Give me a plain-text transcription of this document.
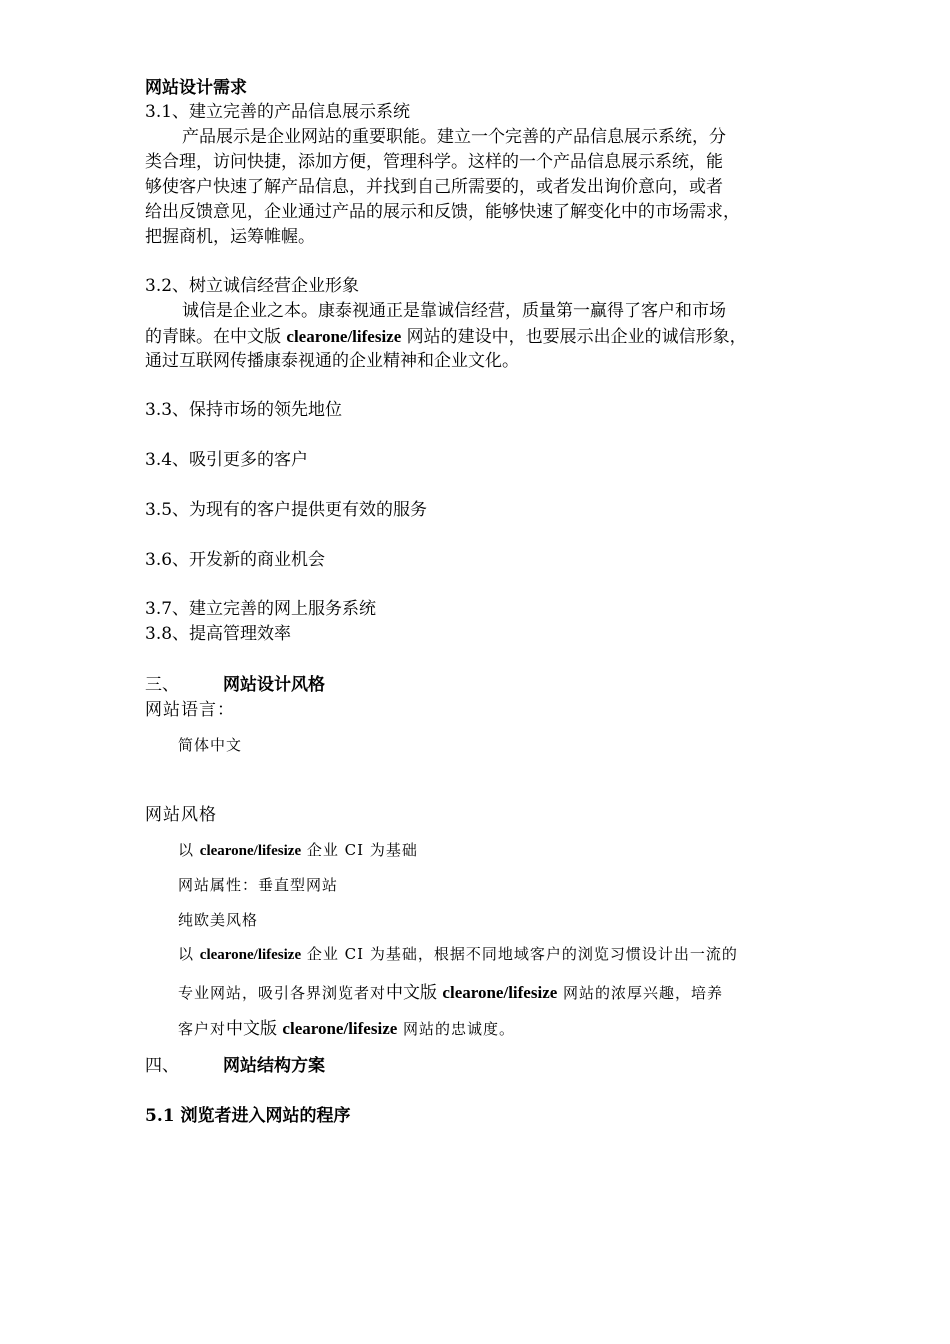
网站设计需求
3.1、建立完善的产品信息展示系统
产品展示是企业网站的重要职能。建立一个完善的产品信息展示系统，分
类合理，访问快捷，添加方便，管理科学。这样的一个产品信息展示系统，能
够使客户快速了解产品信息，并找到自己所需要的，或者发出询价意向，或者
给出反馈意见，企业通过产品的展示和反馈，能够快速了解变化中的市场需求，
把握商机，运筹帷幄。
3.2、树立诚信经营企业形象
诚信是企业之本。康泰视通正是靠诚信经营，质量第一赢得了客户和市场
的青睐。在中文版 clearone/lifesize 网站的建设中，也要展示出企业的诚信形象，
通过互联网传播康泰视通的企业精神和企业文化。
3.3、保持市场的领先地位
3.4、吸引更多的客户
3.5、为现有的客户提供更有效的服务
3.6、开发新的商业机会
3.7、建立完善的网上服务系统
3.8、提高管理效率
三、	网站设计风格
网站语言：
简体中文
网站风格
以 clearone/lifesize 企业 CI 为基础
网站属性：垂直型网站
纯欧美风格
以 clearone/lifesize 企业 CI 为基础，根据不同地域客户的浏览习惯设计出一流的
专业网站，吸引各界浏览者对中文版 clearone/lifesize 网站的浓厚兴趣，培养
客户对中文版 clearone/lifesize 网站的忠诚度。
四、	网站结构方案
5.1 浏览者进入网站的程序
